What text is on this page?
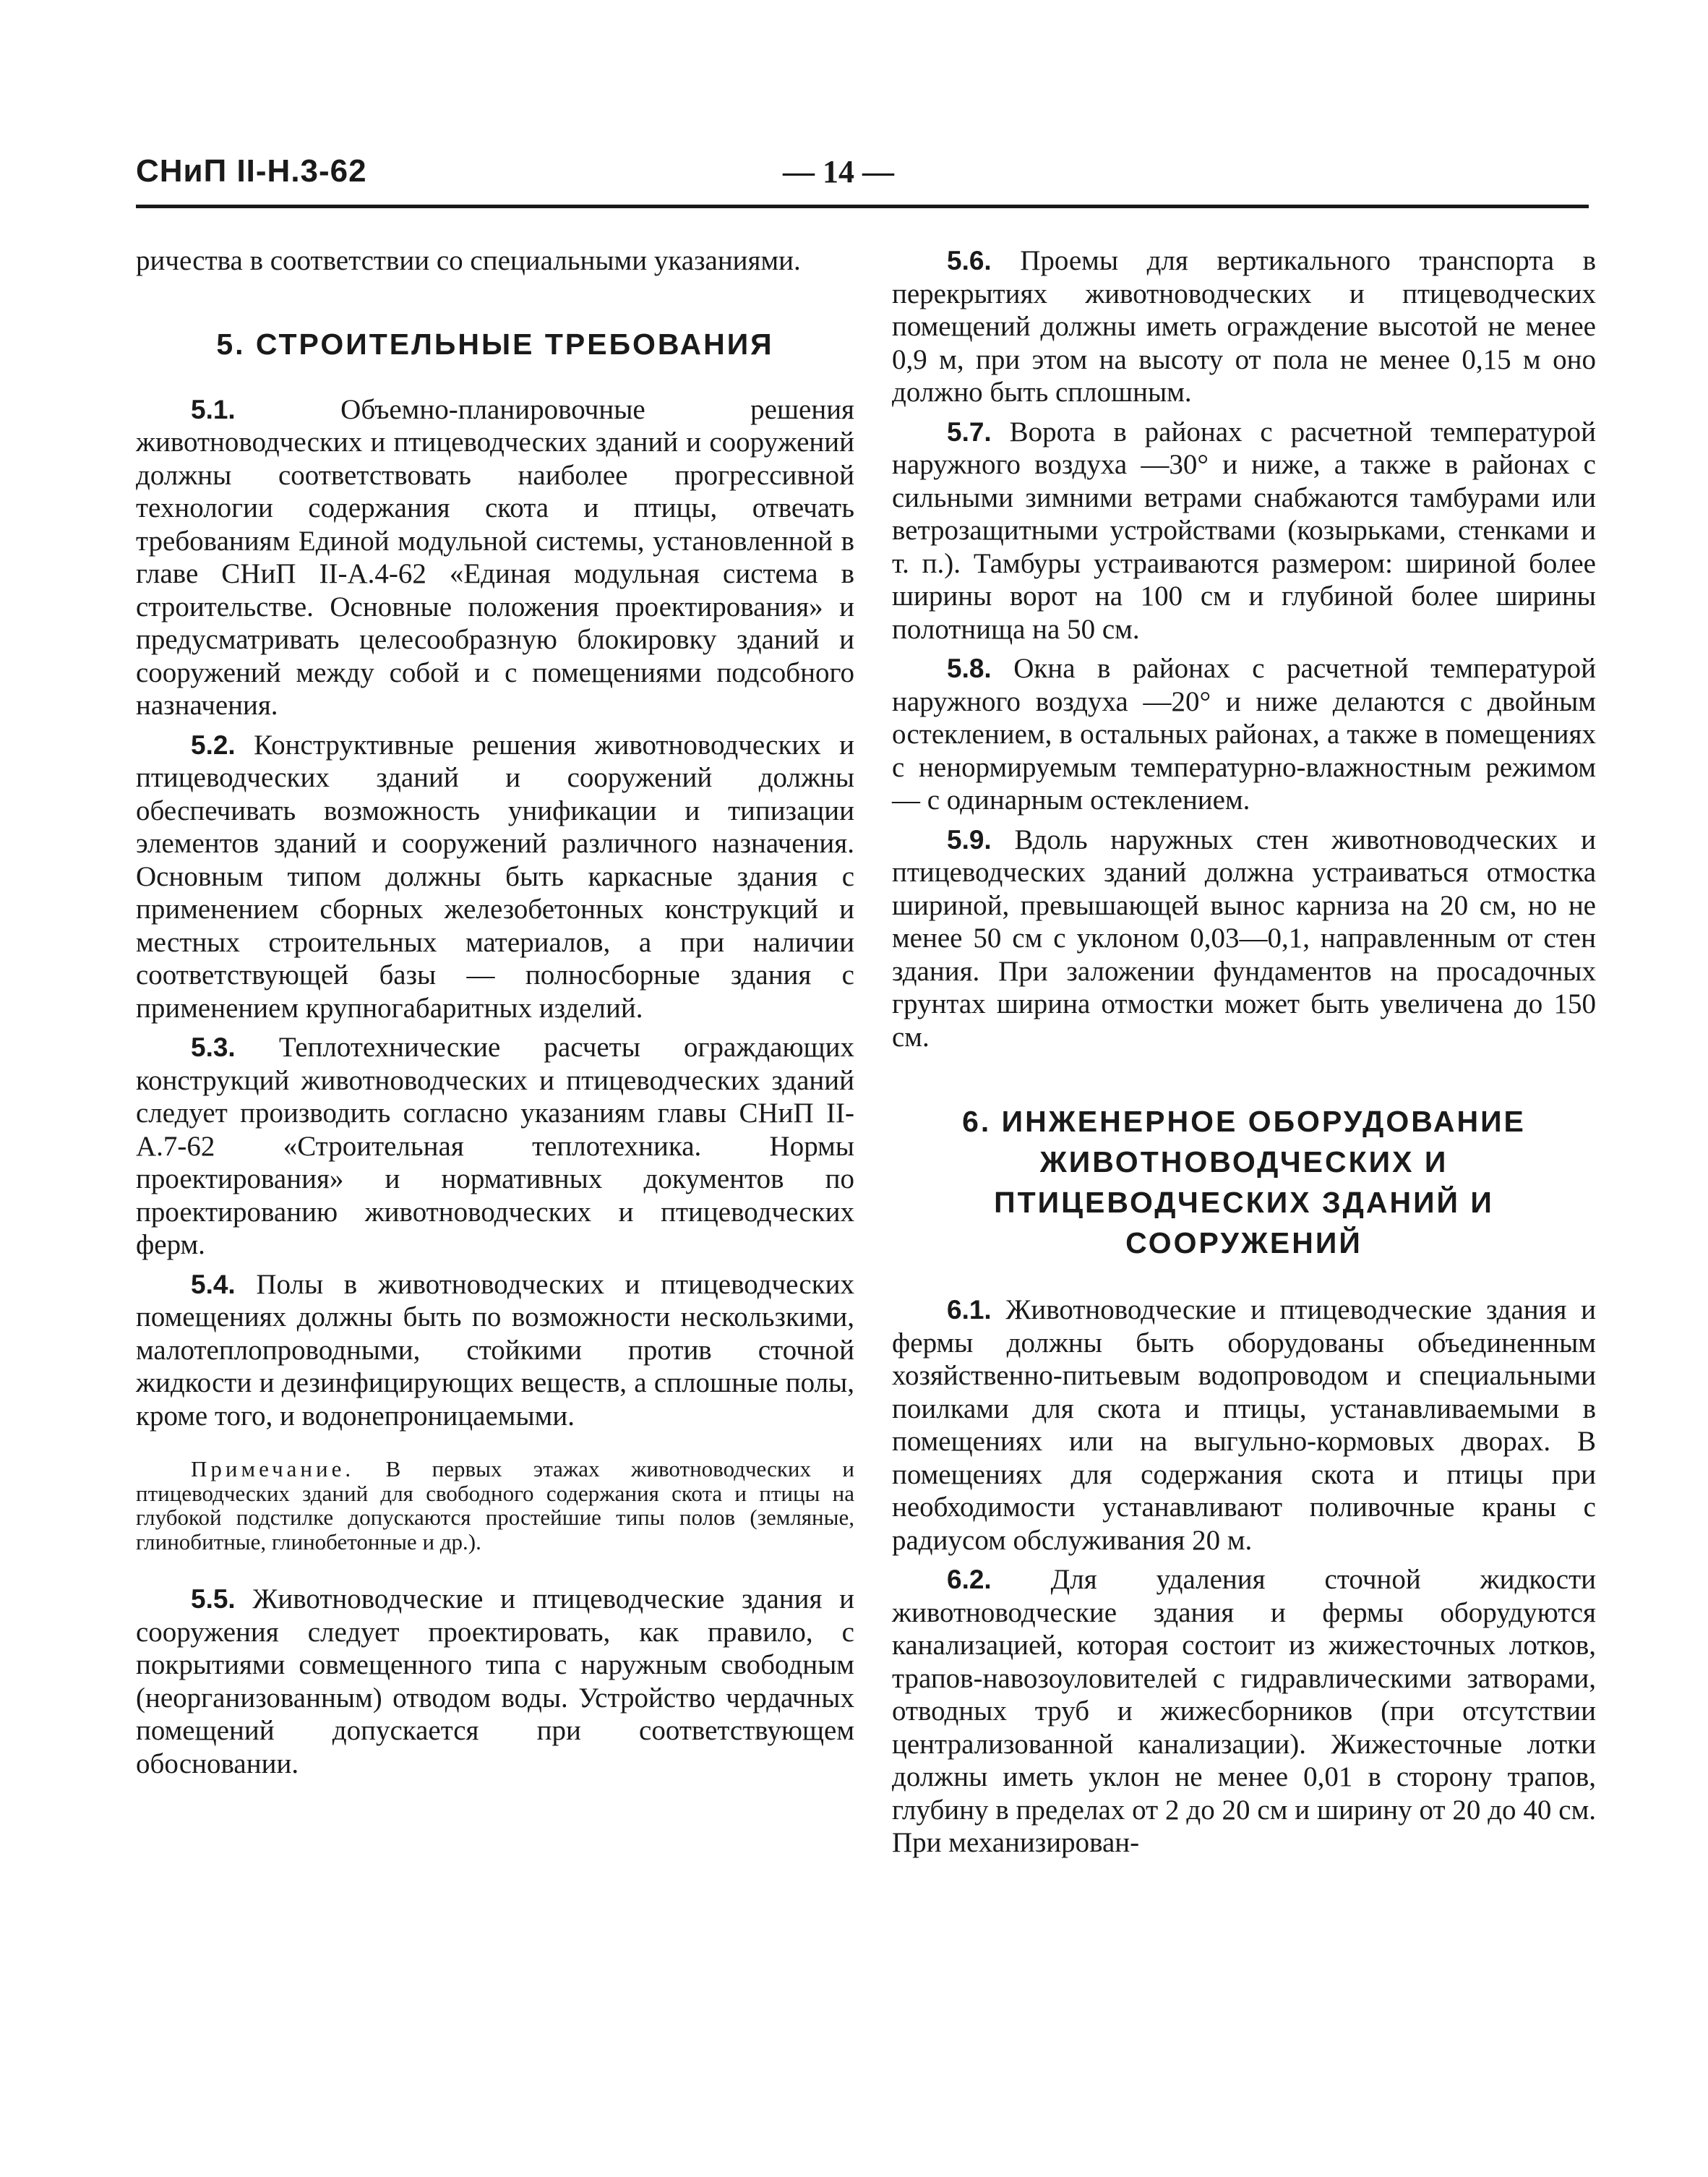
СНиП II-Н.3-62	— 14 —

ричества в соответствии со специальными указаниями.

5. СТРОИТЕЛЬНЫЕ ТРЕБОВАНИЯ

5.1.	Объемно-планировочные решения животноводческих и птицеводческих зданий и сооружений должны соответствовать наиболее прогрессивной технологии содержания скота и птицы, отвечать требованиям Единой модульной системы, установленной в главе СНиП II-А.4-62 «Единая модульная система в строительстве. Основные положения проектирования» и предусматривать целесообразную блокировку зданий и сооружений между собой и с помещениями подсобного назначения.

5.2. Конструктивные решения животноводческих и птицеводческих зданий и сооружений должны обеспечивать возможность унификации и типизации элементов зданий и сооружений различного назначения. Основным типом должны быть каркасные здания с применением сборных железобетонных конструкций и местных строительных материалов, а при наличии соответствующей базы — полносборные здания с применением крупногабаритных изделий.

5.3. Теплотехнические расчеты ограждающих конструкций животноводческих и птицеводческих зданий следует производить согласно указаниям главы СНиП II-А.7-62 «Строительная теплотехника. Нормы проектирования» и нормативных документов по проектированию животноводческих и птицеводческих ферм.

5.4. Полы в животноводческих и птицеводческих помещениях должны быть по возможности нескользкими, малотеплопроводными, стойкими против сточной жидкости и дезинфицирующих веществ, а сплошные полы, кроме того, и водонепроницаемыми.

Примечание. В первых этажах животноводческих и птицеводческих зданий для свободного содержания скота и птицы на глубокой подстилке допускаются простейшие типы полов (земляные, глинобитные, глинобетонные и др.).

5.5. Животноводческие и птицеводческие здания и сооружения следует проектировать, как правило, с покрытиями совмещенного типа с наружным свободным (неорганизованным) отводом воды. Устройство чердачных помещений допускается при соответствующем обосновании.

5.6. Проемы для вертикального транспорта в перекрытиях животноводческих и птицеводческих помещений должны иметь ограждение высотой не менее 0,9 м, при этом на высоту от пола не менее 0,15 м оно должно быть сплошным.

5.7. Ворота в районах с расчетной температурой наружного воздуха —30° и ниже, а также в районах с сильными зимними ветрами снабжаются тамбурами или ветрозащитными устройствами (козырьками, стенками и т. п.). Тамбуры устраиваются размером: шириной более ширины ворот на 100 см и глубиной более ширины полотнища на 50 см.

5.8. Окна в районах с расчетной температурой наружного воздуха —20° и ниже делаются с двойным остеклением, в остальных районах, а также в помещениях с ненормируемым температурно-влажностным режимом — с одинарным остеклением.

5.9. Вдоль наружных стен животноводческих и птицеводческих зданий должна устраиваться отмостка шириной, превышающей вынос карниза на 20 см, но не менее 50 см с уклоном 0,03—0,1, направленным от стен здания. При заложении фундаментов на просадочных грунтах ширина отмостки может быть увеличена до 150 см.

6. ИНЖЕНЕРНОЕ ОБОРУДОВАНИЕ ЖИВОТНОВОДЧЕСКИХ И ПТИЦЕВОДЧЕСКИХ ЗДАНИЙ И СООРУЖЕНИЙ

6.1. Животноводческие и птицеводческие здания и фермы должны быть оборудованы объединенным хозяйственно-питьевым водопроводом и специальными поилками для скота и птицы, устанавливаемыми в помещениях или на выгульно-кормовых дворах. В помещениях для содержания скота и птицы при необходимости устанавливают поливочные краны с радиусом обслуживания 20 м.

6.2. Для удаления сточной жидкости животноводческие здания и фермы оборудуются канализацией, которая состоит из жижесточных лотков, трапов-навозоуловителей с гидравлическими затворами, отводных труб и жижесборников (при отсутствии централизованной канализации). Жижесточные лотки должны иметь уклон не менее 0,01 в сторону трапов, глубину в пределах от 2 до 20 см и ширину от 20 до 40 см. При механизирован-
